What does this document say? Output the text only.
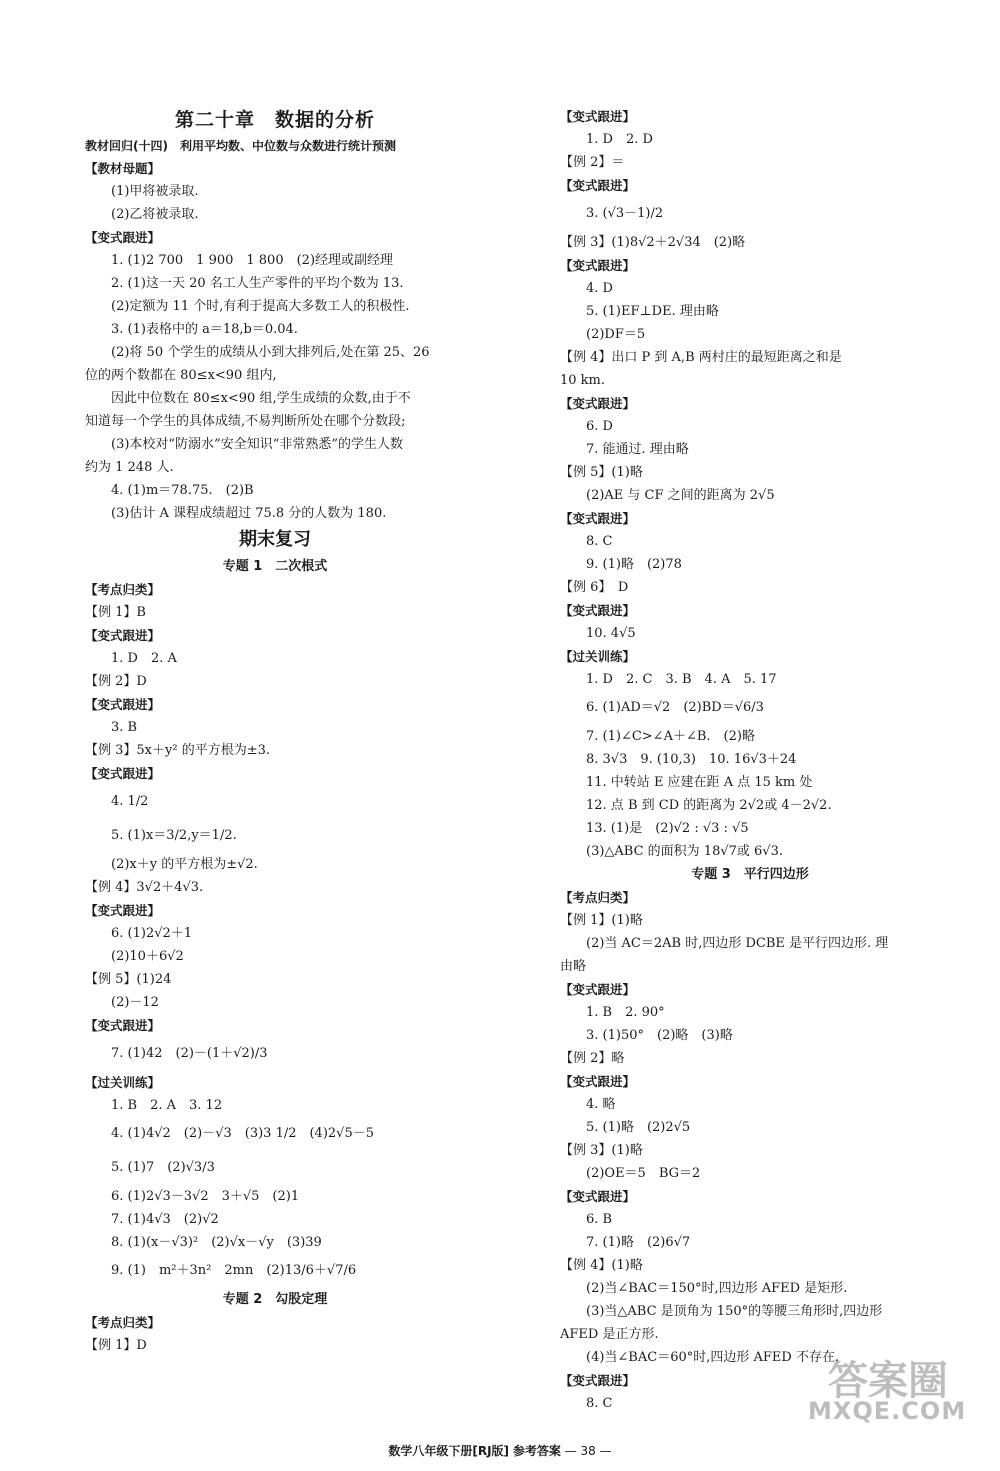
第二十章　数据的分析
教材回归(十四)　利用平均数、中位数与众数进行统计预测
【教材母题】
(1)甲将被录取.
(2)乙将被录取.
【变式跟进】
1. (1)2 700　1 900　1 800　(2)经理或副经理
2. (1)这一天 20 名工人生产零件的平均个数为 13.
(2)定额为 11 个时,有利于提高大多数工人的积极性.
3. (1)表格中的 a＝18,b＝0.04.
(2)将 50 个学生的成绩从小到大排列后,处在第 25、26
位的两个数都在 80≤x<90 组内,
因此中位数在 80≤x<90 组,学生成绩的众数,由于不
知道每一个学生的具体成绩,不易判断所处在哪个分数段;
(3)本校对“防溺水”安全知识“非常熟悉”的学生人数
约为 1 248 人.
4. (1)m＝78.75.　(2)B
(3)估计 A 课程成绩超过 75.8 分的人数为 180.
期末复习
专题 1　二次根式
【考点归类】
【例 1】B
【变式跟进】
1. D　2. A
【例 2】D
【变式跟进】
3. B
【例 3】5x＋y² 的平方根为±3.
【变式跟进】
4. 1/2
5. (1)x＝3/2,y＝1/2.
(2)x＋y 的平方根为±√2.
【例 4】3√2＋4√3.
【变式跟进】
6. (1)2√2＋1
(2)10＋6√2
【例 5】(1)24
(2)－12
【变式跟进】
7. (1)42　(2)－(1＋√2)/3
【过关训练】
1. B　2. A　3. 12
4. (1)4√2　(2)－√3　(3)3 1/2　(4)2√5－5
5. (1)7　(2)√3/3
6. (1)2√3－3√2　3＋√5　(2)1
7. (1)4√3　(2)√2
8. (1)(x－√3)²　(2)√x－√y　(3)39
9. (1)　m²＋3n²　2mn　(2)13/6＋√7/6
专题 2　勾股定理
【考点归类】
【例 1】D
【变式跟进】
1. D　2. D
【例 2】＝
【变式跟进】
3. (√3－1)/2
【例 3】(1)8√2＋2√34　(2)略
【变式跟进】
4. D
5. (1)EF⊥DE. 理由略
(2)DF＝5
【例 4】出口 P 到 A,B 两村庄的最短距离之和是
10 km.
【变式跟进】
6. D
7. 能通过. 理由略
【例 5】(1)略
(2)AE 与 CF 之间的距离为 2√5
【变式跟进】
8. C
9. (1)略　(2)78
【例 6】　D
【变式跟进】
10. 4√5
【过关训练】
1. D　2. C　3. B　4. A　5. 17
6. (1)AD＝√2　(2)BD＝√6/3
7. (1)∠C>∠A＋∠B.　(2)略
8. 3√3　9. (10,3)　10. 16√3＋24
11. 中转站 E 应建在距 A 点 15 km 处
12. 点 B 到 CD 的距离为 2√2或 4－2√2.
13. (1)是　(2)√2 : √3 : √5
(3)△ABC 的面积为 18√7或 6√3.
专题 3　平行四边形
【考点归类】
【例 1】(1)略
(2)当 AC＝2AB 时,四边形 DCBE 是平行四边形. 理
由略
【变式跟进】
1. B　2. 90°
3. (1)50°　(2)略　(3)略
【例 2】略
【变式跟进】
4. 略
5. (1)略　(2)2√5
【例 3】(1)略
(2)OE＝5　BG＝2
【变式跟进】
6. B
7. (1)略　(2)6√7
【例 4】(1)略
(2)当∠BAC＝150°时,四边形 AFED 是矩形.
(3)当△ABC 是顶角为 150°的等腰三角形时,四边形
AFED 是正方形.
(4)当∠BAC＝60°时,四边形 AFED 不存在.
【变式跟进】
8. C
数学八年级下册[RJ版] 参考答案 — 38 —
答案圈
MXQE.COM
